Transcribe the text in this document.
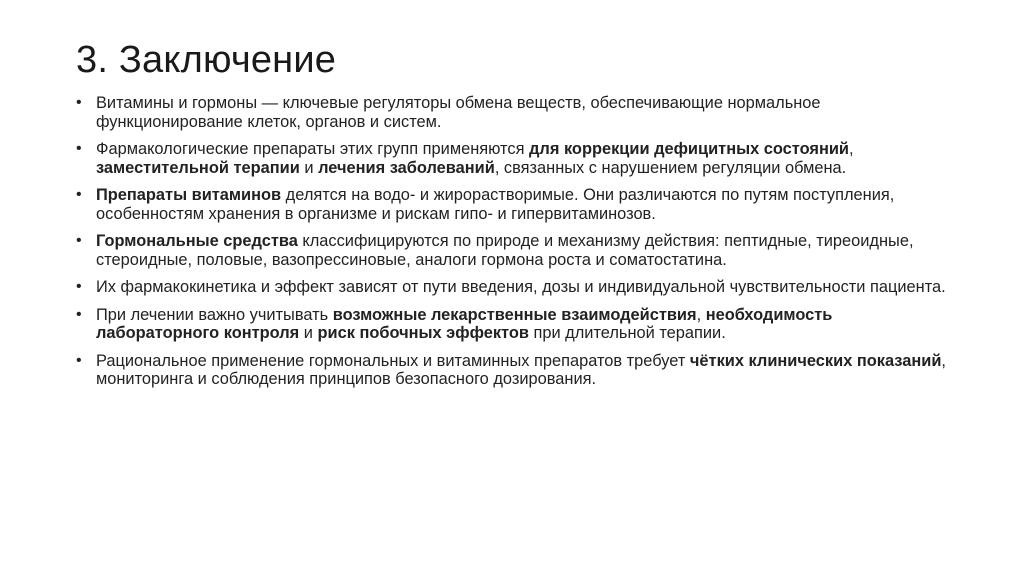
3. Заключение
• Витамины и гормоны — ключевые регуляторы обмена веществ, обеспечивающие нормальное функционирование клеток, органов и систем.
• Фармакологические препараты этих групп применяются для коррекции дефицитных состояний, заместительной терапии и лечения заболеваний, связанных с нарушением регуляции обмена.
• Препараты витаминов делятся на водо- и жирорастворимые. Они различаются по путям поступления, особенностям хранения в организме и рискам гипо- и гипервитаминозов.
• Гормональные средства классифицируются по природе и механизму действия: пептидные, тиреоидные, стероидные, половые, вазопрессиновые, аналоги гормона роста и соматостатина.
• Их фармакокинетика и эффект зависят от пути введения, дозы и индивидуальной чувствительности пациента.
• При лечении важно учитывать возможные лекарственные взаимодействия, необходимость лабораторного контроля и риск побочных эффектов при длительной терапии.
• Рациональное применение гормональных и витаминных препаратов требует чётких клинических показаний, мониторинга и соблюдения принципов безопасного дозирования.
